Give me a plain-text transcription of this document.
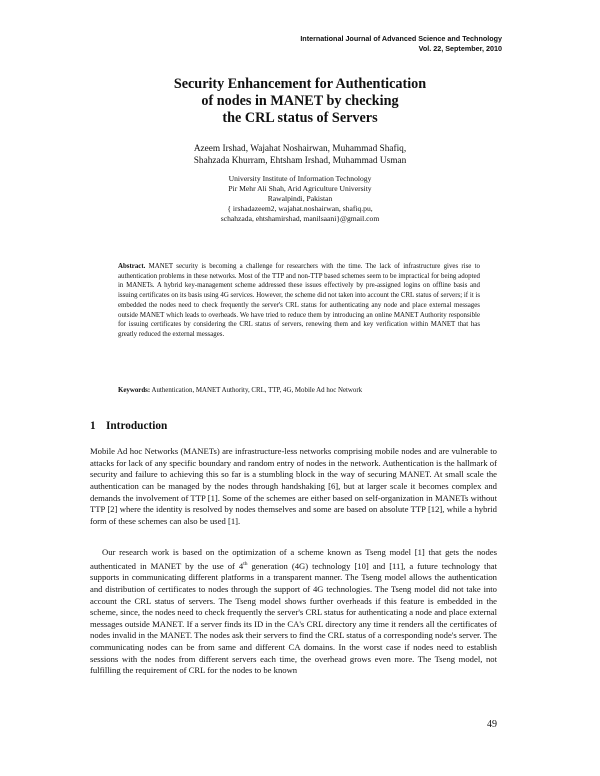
International Journal of Advanced Science and Technology
Vol. 22, September, 2010
Security Enhancement for Authentication
of nodes in MANET by checking
the CRL status of Servers
Azeem Irshad, Wajahat Noshairwan, Muhammad Shafiq,
Shahzada Khurram, Ehtsham Irshad, Muhammad Usman
University Institute of Information Technology
Pir Mehr Ali Shah, Arid Agriculture University
Rawalpindi, Pakistan
{ irshadazeem2, wajahat.noshairwan, shafiq.pu,
schahzada, ehtshamirshad, manilsaani}@gmail.com

Abstract. MANET security is becoming a challenge for researchers with the time. The lack of infrastructure gives rise to authentication problems in these networks. Most of the TTP and non-TTP based schemes seem to be impractical for being adopted in MANETs. A hybrid key-management scheme addressed these issues effectively by pre-assigned logins on offline basis and issuing certificates on its basis using 4G services. However, the scheme did not taken into account the CRL status of servers; if it is embedded the nodes need to check frequently the server's CRL status for authenticating any node and place external messages outside MANET which leads to overheads. We have tried to reduce them by introducing an online MANET Authority responsible for issuing certificates by considering the CRL status of servers, renewing them and key verification within MANET that has greatly reduced the external messages.

Keywords: Authentication, MANET Authority, CRL, TTP, 4G, Mobile Ad hoc Network

1 Introduction

Mobile Ad hoc Networks (MANETs) are infrastructure-less networks comprising mobile nodes and are vulnerable to attacks for lack of any specific boundary and random entry of nodes in the network. Authentication is the hallmark of security and failure to achieving this so far is a stumbling block in the way of securing MANET. At small scale the authentication can be managed by the nodes through handshaking [6], but at larger scale it becomes complex and demands the involvement of TTP [1]. Some of the schemes are either based on self-organization in MANETs without TTP [2] where the identity is resolved by nodes themselves and some are based on absolute TTP [12], while a hybrid form of these schemes can also be used [1].

Our research work is based on the optimization of a scheme known as Tseng model [1] that gets the nodes authenticated in MANET by the use of 4th generation (4G) technology [10] and [11], a future technology that supports in communicating different platforms in a transparent manner. The Tseng model allows the authentication and distribution of certificates to nodes through the support of 4G technologies. The Tseng model did not take into account the CRL status of servers. The Tseng model shows further overheads if this feature is embedded in the scheme, since, the nodes need to check frequently the server's CRL status for authenticating a node and place external messages outside MANET. If a server finds its ID in the CA's CRL directory any time it renders all the certificates of nodes invalid in the MANET. The nodes ask their servers to find the CRL status of a corresponding node's server. The communicating nodes can be from same and different CA domains. In the worst case if nodes need to establish sessions with the nodes from different servers each time, the overhead grows even more. The Tseng model, not fulfilling the requirement of CRL for the nodes to be known

49
